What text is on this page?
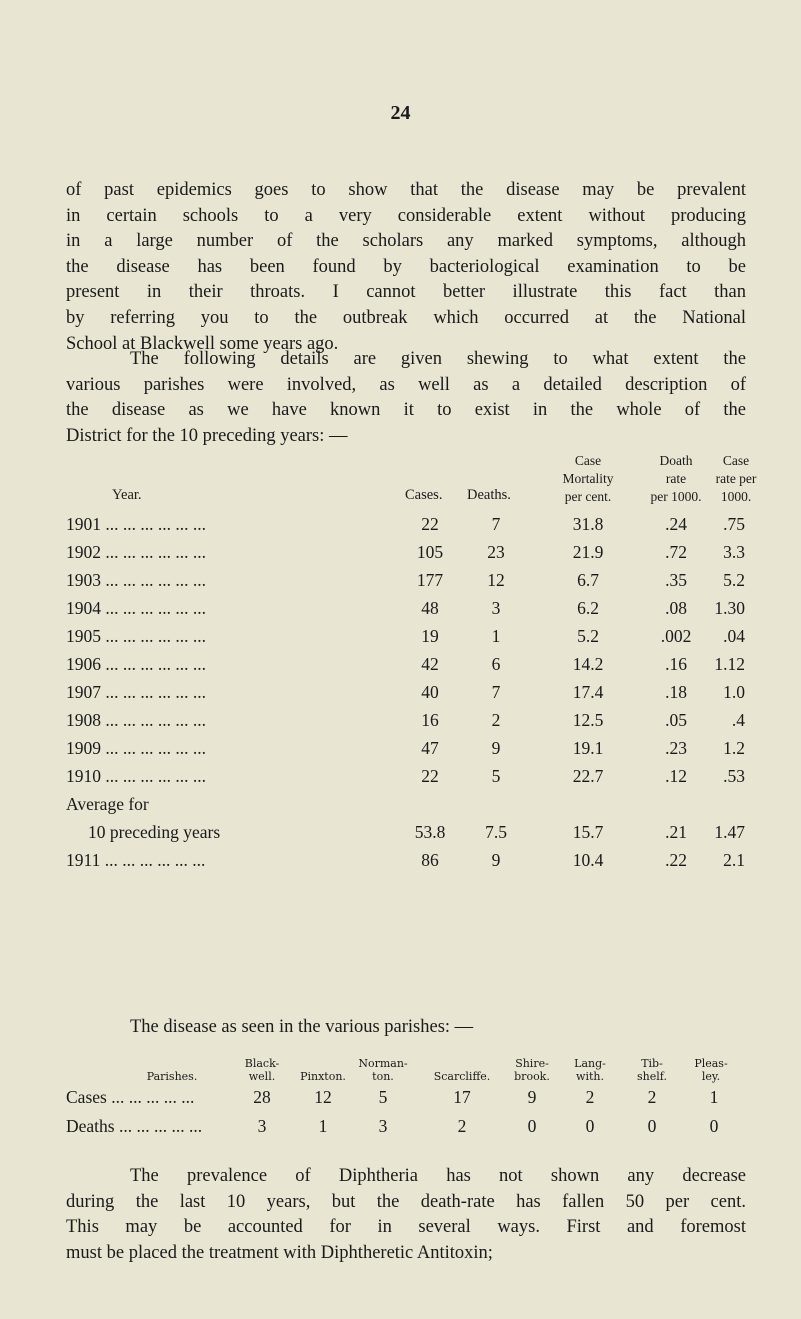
24

of past epidemics goes to show that the disease may be prevalent
in certain schools to a very considerable extent without producing
in a large number of the scholars any marked symptoms, although
the disease has been found by bacteriological examination to be
present in their throats. I cannot better illustrate this fact than
by referring you to the outbreak which occurred at the National
School at Blackwell some years ago.

The following details are given shewing to what extent the
various parishes were involved, as well as a detailed description of
the disease as we have known it to exist in the whole of the
District for the 10 preceding years: —

Year.	Cases. Deaths.
Case
Mortality
per cent.
Doath
rate
per 1000.
Case
rate per
1000.
1901 ... ... ... ... ... ...	22	7	31.8	.24 .75
1902 ... ... ... ... ... ...	105	23	21.9	.72 3.3
1903 ... ... ... ... ... ...	177	12	6.7	.35 5.2
1904 ... ... ... ... ... ...	48	3	6.2	.08 1.30
1905 ... ... ... ... ... ...	19	1	5.2	.002 .04
1906 ... ... ... ... ... ...	42	6	14.2	.16 1.12
1907 ... ... ... ... ... ...	40	7	17.4	.18 1.0
1908 ... ... ... ... ... ...	16	2	12.5	.05	.4
1909 ... ... ... ... ... ...	47	9	19.1	.23 1.2
1910 ... ... ... ... ... ...	22	5	22.7	.12 .53
Average for
10 preceding years	53.8 7.5	15.7	.21 1.47
1911 ... ... ... ... ... ...	86	9	10.4	.22 2.1
The disease as seen in the various parishes: —
Parishes.
Black-
well.	Pinxton.
Norman-
ton.	Scarcliffe.
Shire-
brook.
Lang-
with.
Tib-
shelf.
Pleas-
ley.
Cases ... ... ... ... ...	28 12	5	17	9	2	2	1
Deaths ... ... ... ... ...	3	1	3	2	0	0	0	0

The prevalence of Diphtheria has not shown any decrease
during the last 10 years, but the death-rate has fallen 50 per cent.
This may be accounted for in several ways. First and foremost
must be placed the treatment with Diphtheretic Antitoxin;
